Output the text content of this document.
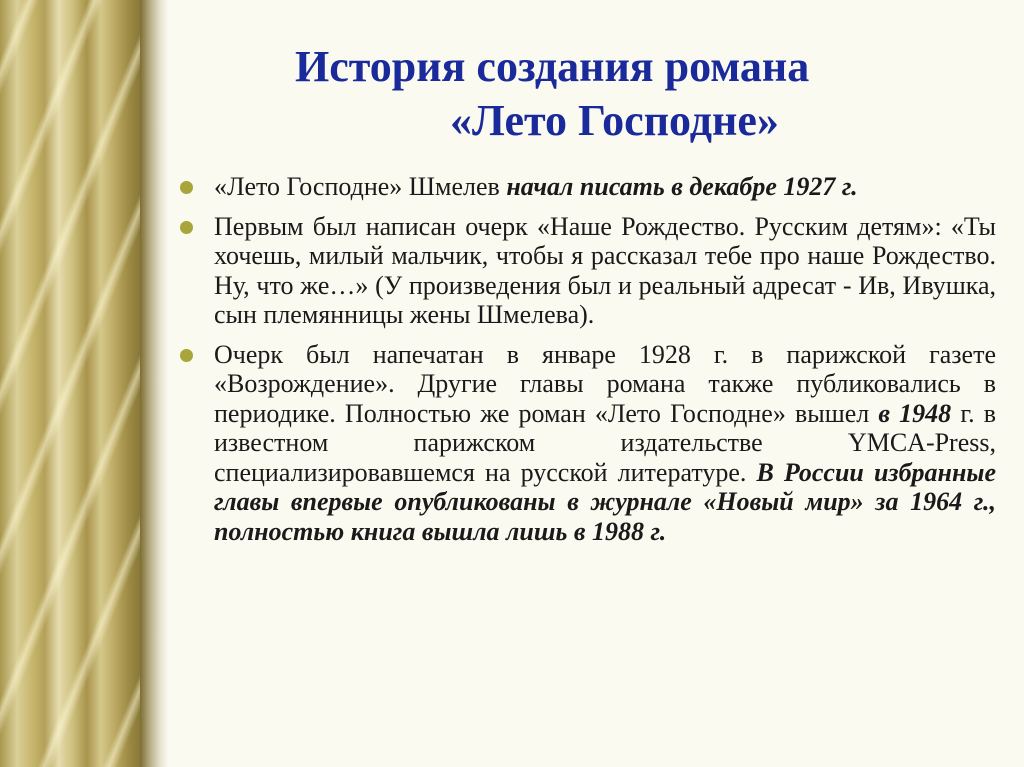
История создания романа
«Лето Господне»
«Лето Господне» Шмелев начал писать в декабре 1927 г.
Первым был написан очерк «Наше Рождество. Русским детям»: «Ты хочешь, милый мальчик, чтобы я рассказал тебе про наше Рождество. Ну, что же…» (У произведения был и реальный адресат - Ив, Ивушка, сын племянницы жены Шмелева).
Очерк был напечатан в январе 1928 г. в парижской газете «Возрождение». Другие главы романа также публиковались в периодике. Полностью же роман «Лето Господне» вышел в 1948 г. в известном парижском издательстве YMCA-Press, специализировавшемся на русской литературе. В России избранные главы впервые опубликованы в журнале «Новый мир» за 1964 г., полностью книга вышла лишь в 1988 г.
